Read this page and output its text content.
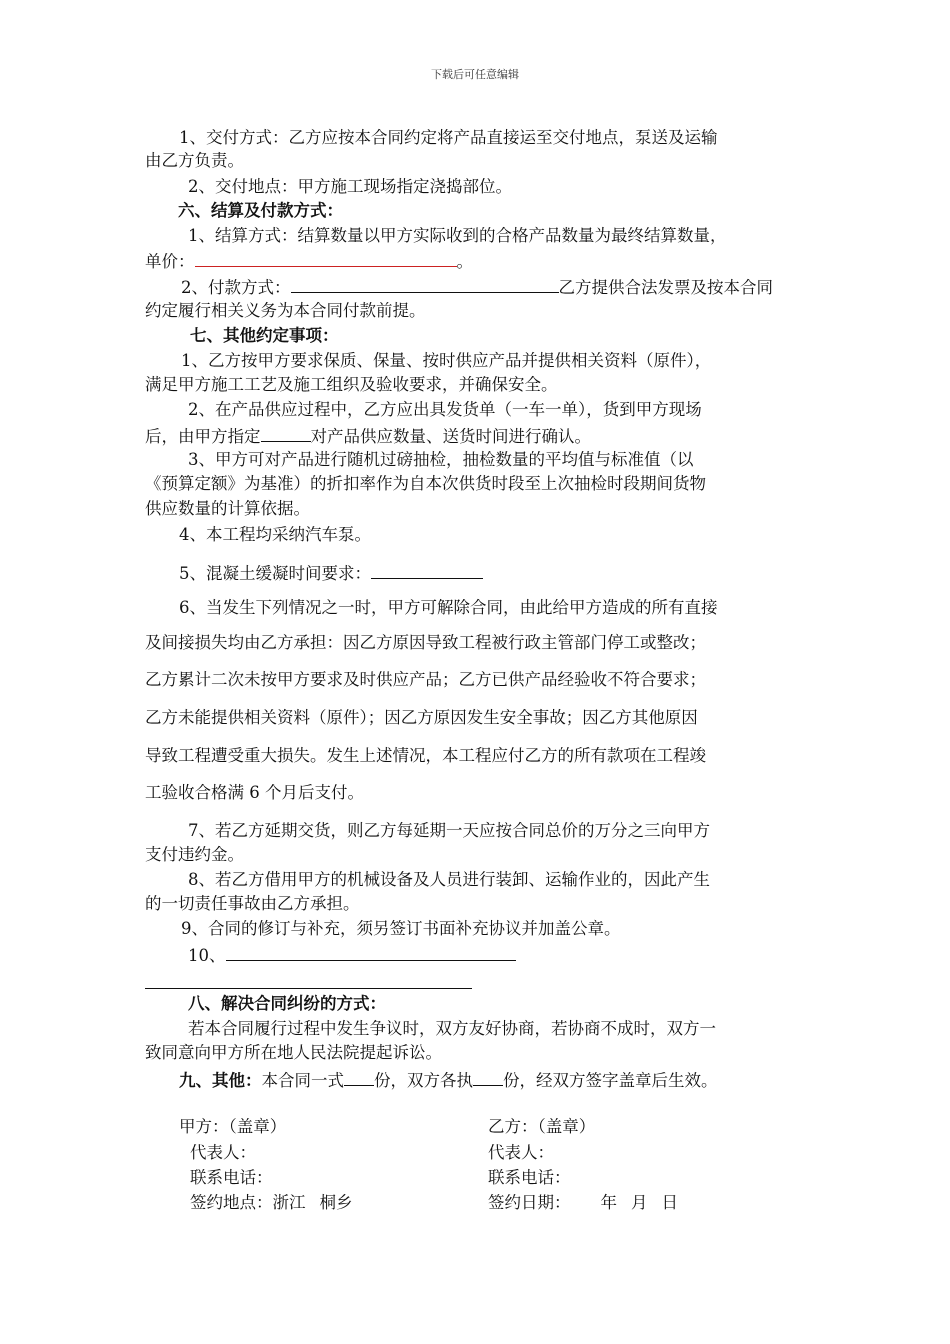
下载后可任意编辑
1、交付方式：乙方应按本合同约定将产品直接运至交付地点，泵送及运输
由乙方负责。
2、交付地点：甲方施工现场指定浇捣部位。
六、结算及付款方式：
1、结算方式：结算数量以甲方实际收到的合格产品数量为最终结算数量，
单价：	。
2、付款方式：	乙方提供合法发票及按本合同
约定履行相关义务为本合同付款前提。
七、其他约定事项：
1、乙方按甲方要求保质、保量、按时供应产品并提供相关资料（原件），
满足甲方施工工艺及施工组织及验收要求，并确保安全。
2、在产品供应过程中，乙方应出具发货单（一车一单），货到甲方现场
后，由甲方指定	对产品供应数量、送货时间进行确认。
3、甲方可对产品进行随机过磅抽检，抽检数量的平均值与标准值（以
《预算定额》为基准）的折扣率作为自本次供货时段至上次抽检时段期间货物
供应数量的计算依据。
4、本工程均采纳汽车泵。
5、混凝土缓凝时间要求：
6、当发生下列情况之一时，甲方可解除合同，由此给甲方造成的所有直接
及间接损失均由乙方承担：因乙方原因导致工程被行政主管部门停工或整改；
乙方累计二次未按甲方要求及时供应产品；乙方已供产品经验收不符合要求；
乙方未能提供相关资料（原件）；因乙方原因发生安全事故；因乙方其他原因
导致工程遭受重大损失。发生上述情况，本工程应付乙方的所有款项在工程竣
工验收合格满 6 个月后支付。
7、若乙方延期交货，则乙方每延期一天应按合同总价的万分之三向甲方
支付违约金。
8、若乙方借用甲方的机械设备及人员进行装卸、运输作业的，因此产生
的一切责任事故由乙方承担。
9、合同的修订与补充，须另签订书面补充协议并加盖公章。
10、
八、解决合同纠纷的方式：
若本合同履行过程中发生争议时，双方友好协商，若协商不成时，双方一
致同意向甲方所在地人民法院提起诉讼。
九、其他：本合同一式 份，双方各执 份，经双方签字盖章后生效。
甲方：（盖章）	乙方：（盖章）
代表人：	代表人：
联系电话：	联系电话：
签约地点：浙江 桐乡	签约日期： 年 月 日
